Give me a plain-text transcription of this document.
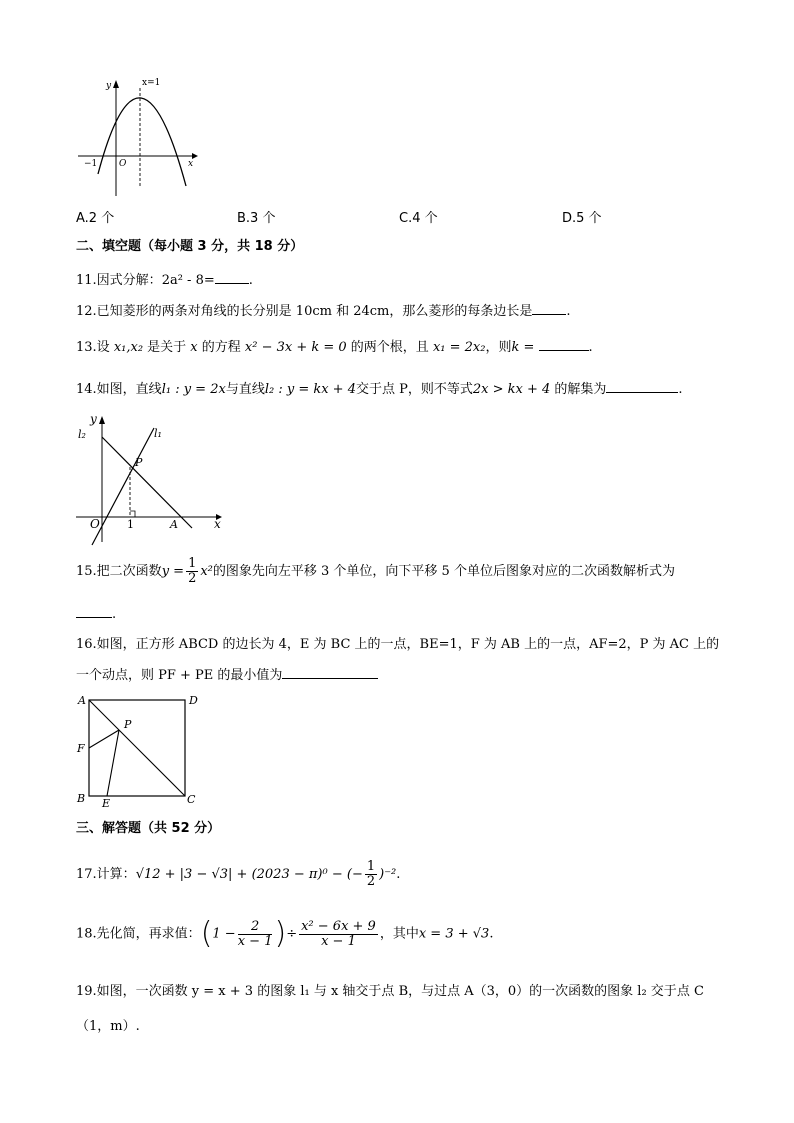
y	x=1
−1 O	x
A.2 个	B.3 个	C.4 个	D.5 个
二、填空题（每小题 3 分，共 18 分）
11.因式分解：2a² - 8=	.
12.已知菱形的两条对角线的长分别是 10cm 和 24cm，那么菱形的每条边长是	.
13.设 x₁,x₂ 是关于 x 的方程 x² − 3x + k = 0 的两个根，且 x₁ = 2x₂，则k =	.
14.如图，直线l₁ : y = 2x与直线l₂ : y = kx + 4交于点 P，则不等式2x > kx + 4 的解集为	.
y
l₂	l₁
P
O 1	A	x
15.把二次函数$y = \frac{1}{2} x^2$的图象先向左平移 3 个单位，向下平移 5 个单位后图象对应的二次函数解析式为
.
16.如图，正方形 ABCD 的边长为 4，E 为 BC 上的一点，BE=1，F 为 AB 上的一点，AF=2，P 为 AC 上的
一个动点，则 PF + PE 的最小值为
A	D
P
F
B E	C
三、解答题（共 52 分）
17.计算：√12 + |3 − √3| + (2023 − π)⁰ − (− $\frac{1}{2} )^{-2}$.
18.先化简，再求值：($1 - \frac{2}{x - 1}$ )÷ $\frac{\text{x² − 6x + 9}}{x - 1}$ ，其中x = 3 + √3.
19.如图，一次函数 y = x + 3 的图象 l₁ 与 x 轴交于点 B，与过点 A（3，0）的一次函数的图象 l₂ 交于点 C
（1，m）.
